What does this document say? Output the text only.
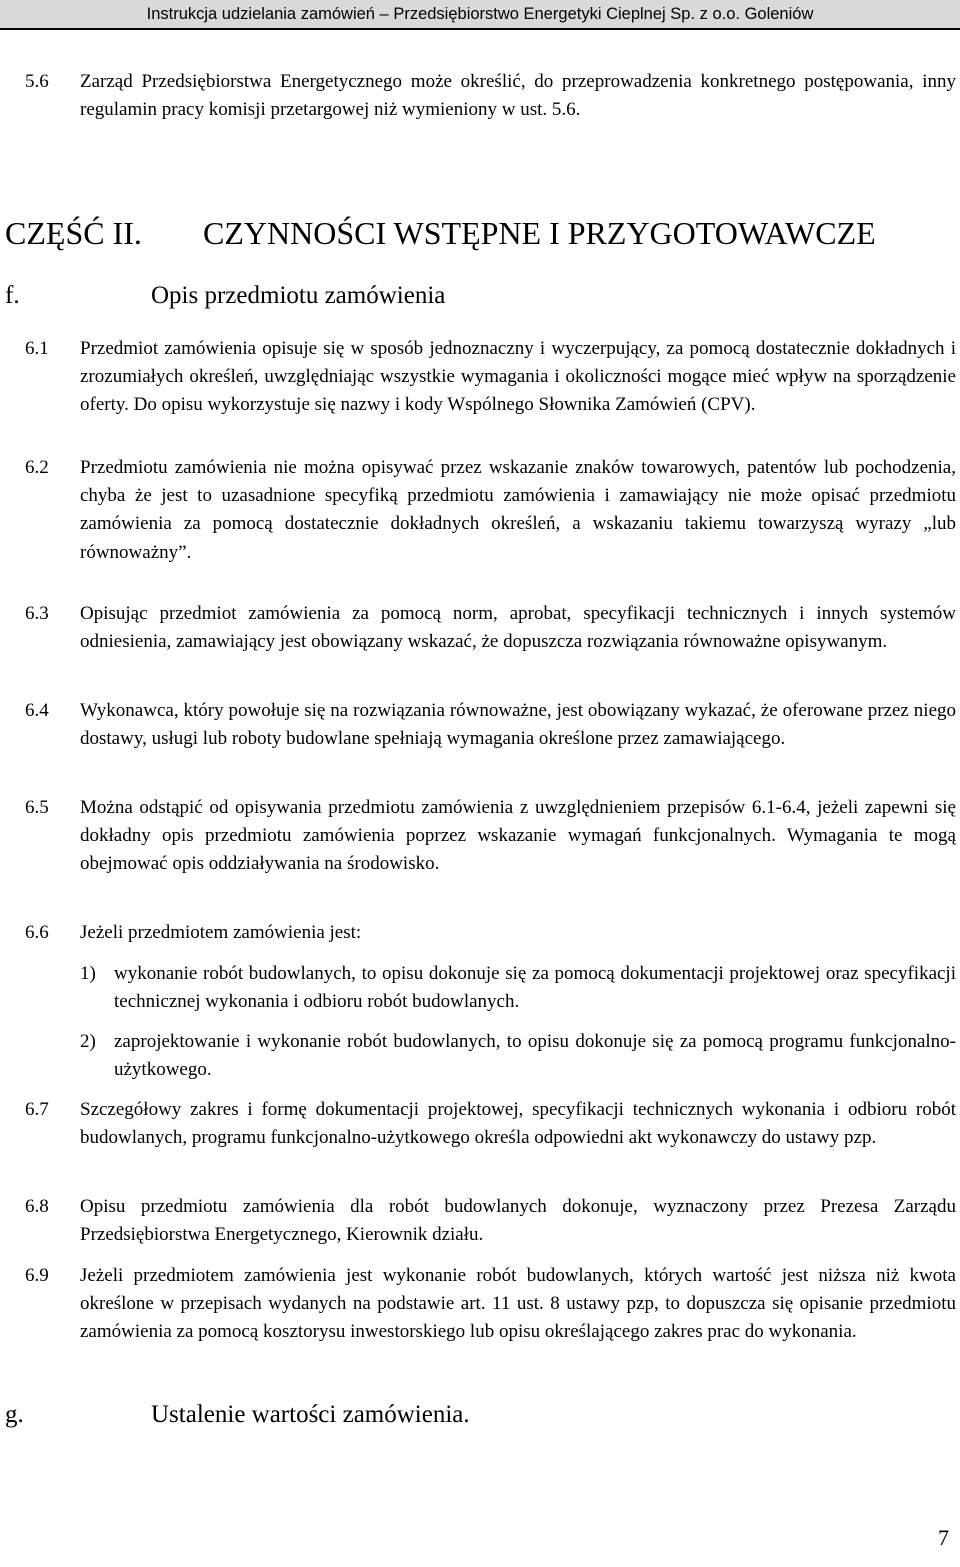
Instrukcja udzielania zamówień – Przedsiębiorstwo Energetyki Cieplnej Sp. z o.o. Goleniów
5.6 Zarząd Przedsiębiorstwa Energetycznego może określić, do przeprowadzenia konkretnego postępowania, inny regulamin pracy komisji przetargowej niż wymieniony w ust. 5.6.
CZĘŚĆ II. CZYNNOŚCI WSTĘPNE I PRZYGOTOWAWCZE
f.	Opis przedmiotu zamówienia
6.1 Przedmiot zamówienia opisuje się w sposób jednoznaczny i wyczerpujący, za pomocą dostatecznie dokładnych i zrozumiałych określeń, uwzględniając wszystkie wymagania i okoliczności mogące mieć wpływ na sporządzenie oferty. Do opisu wykorzystuje się nazwy i kody Wspólnego Słownika Zamówień (CPV).
6.2 Przedmiotu zamówienia nie można opisywać przez wskazanie znaków towarowych, patentów lub pochodzenia, chyba że jest to uzasadnione specyfiką przedmiotu zamówienia i zamawiający nie może opisać przedmiotu zamówienia za pomocą dostatecznie dokładnych określeń, a wskazaniu takiemu towarzyszą wyrazy „lub równoważny”.
6.3 Opisując przedmiot zamówienia za pomocą norm, aprobat, specyfikacji technicznych i innych systemów odniesienia, zamawiający jest obowiązany wskazać, że dopuszcza rozwiązania równoważne opisywanym.
6.4 Wykonawca, który powołuje się na rozwiązania równoważne, jest obowiązany wykazać, że oferowane przez niego dostawy, usługi lub roboty budowlane spełniają wymagania określone przez zamawiającego.
6.5 Można odstąpić od opisywania przedmiotu zamówienia z uwzględnieniem przepisów 6.1-6.4, jeżeli zapewni się dokładny opis przedmiotu zamówienia poprzez wskazanie wymagań funkcjonalnych. Wymagania te mogą obejmować opis oddziaływania na środowisko.
6.6 Jeżeli przedmiotem zamówienia jest:
1) wykonanie robót budowlanych, to opisu dokonuje się za pomocą dokumentacji projektowej oraz specyfikacji technicznej wykonania i odbioru robót budowlanych.
2) zaprojektowanie i wykonanie robót budowlanych, to opisu dokonuje się za pomocą programu funkcjonalno-użytkowego.
6.7 Szczegółowy zakres i formę dokumentacji projektowej, specyfikacji technicznych wykonania i odbioru robót budowlanych, programu funkcjonalno-użytkowego określa odpowiedni akt wykonawczy do ustawy pzp.
6.8 Opisu przedmiotu zamówienia dla robót budowlanych dokonuje, wyznaczony przez Prezesa Zarządu Przedsiębiorstwa Energetycznego, Kierownik działu.
6.9 Jeżeli przedmiotem zamówienia jest wykonanie robót budowlanych, których wartość jest niższa niż kwota określone w przepisach wydanych na podstawie art. 11 ust. 8 ustawy pzp, to dopuszcza się opisanie przedmiotu zamówienia za pomocą kosztorysu inwestorskiego lub opisu określającego zakres prac do wykonania.
g.	Ustalenie wartości zamówienia.
7
